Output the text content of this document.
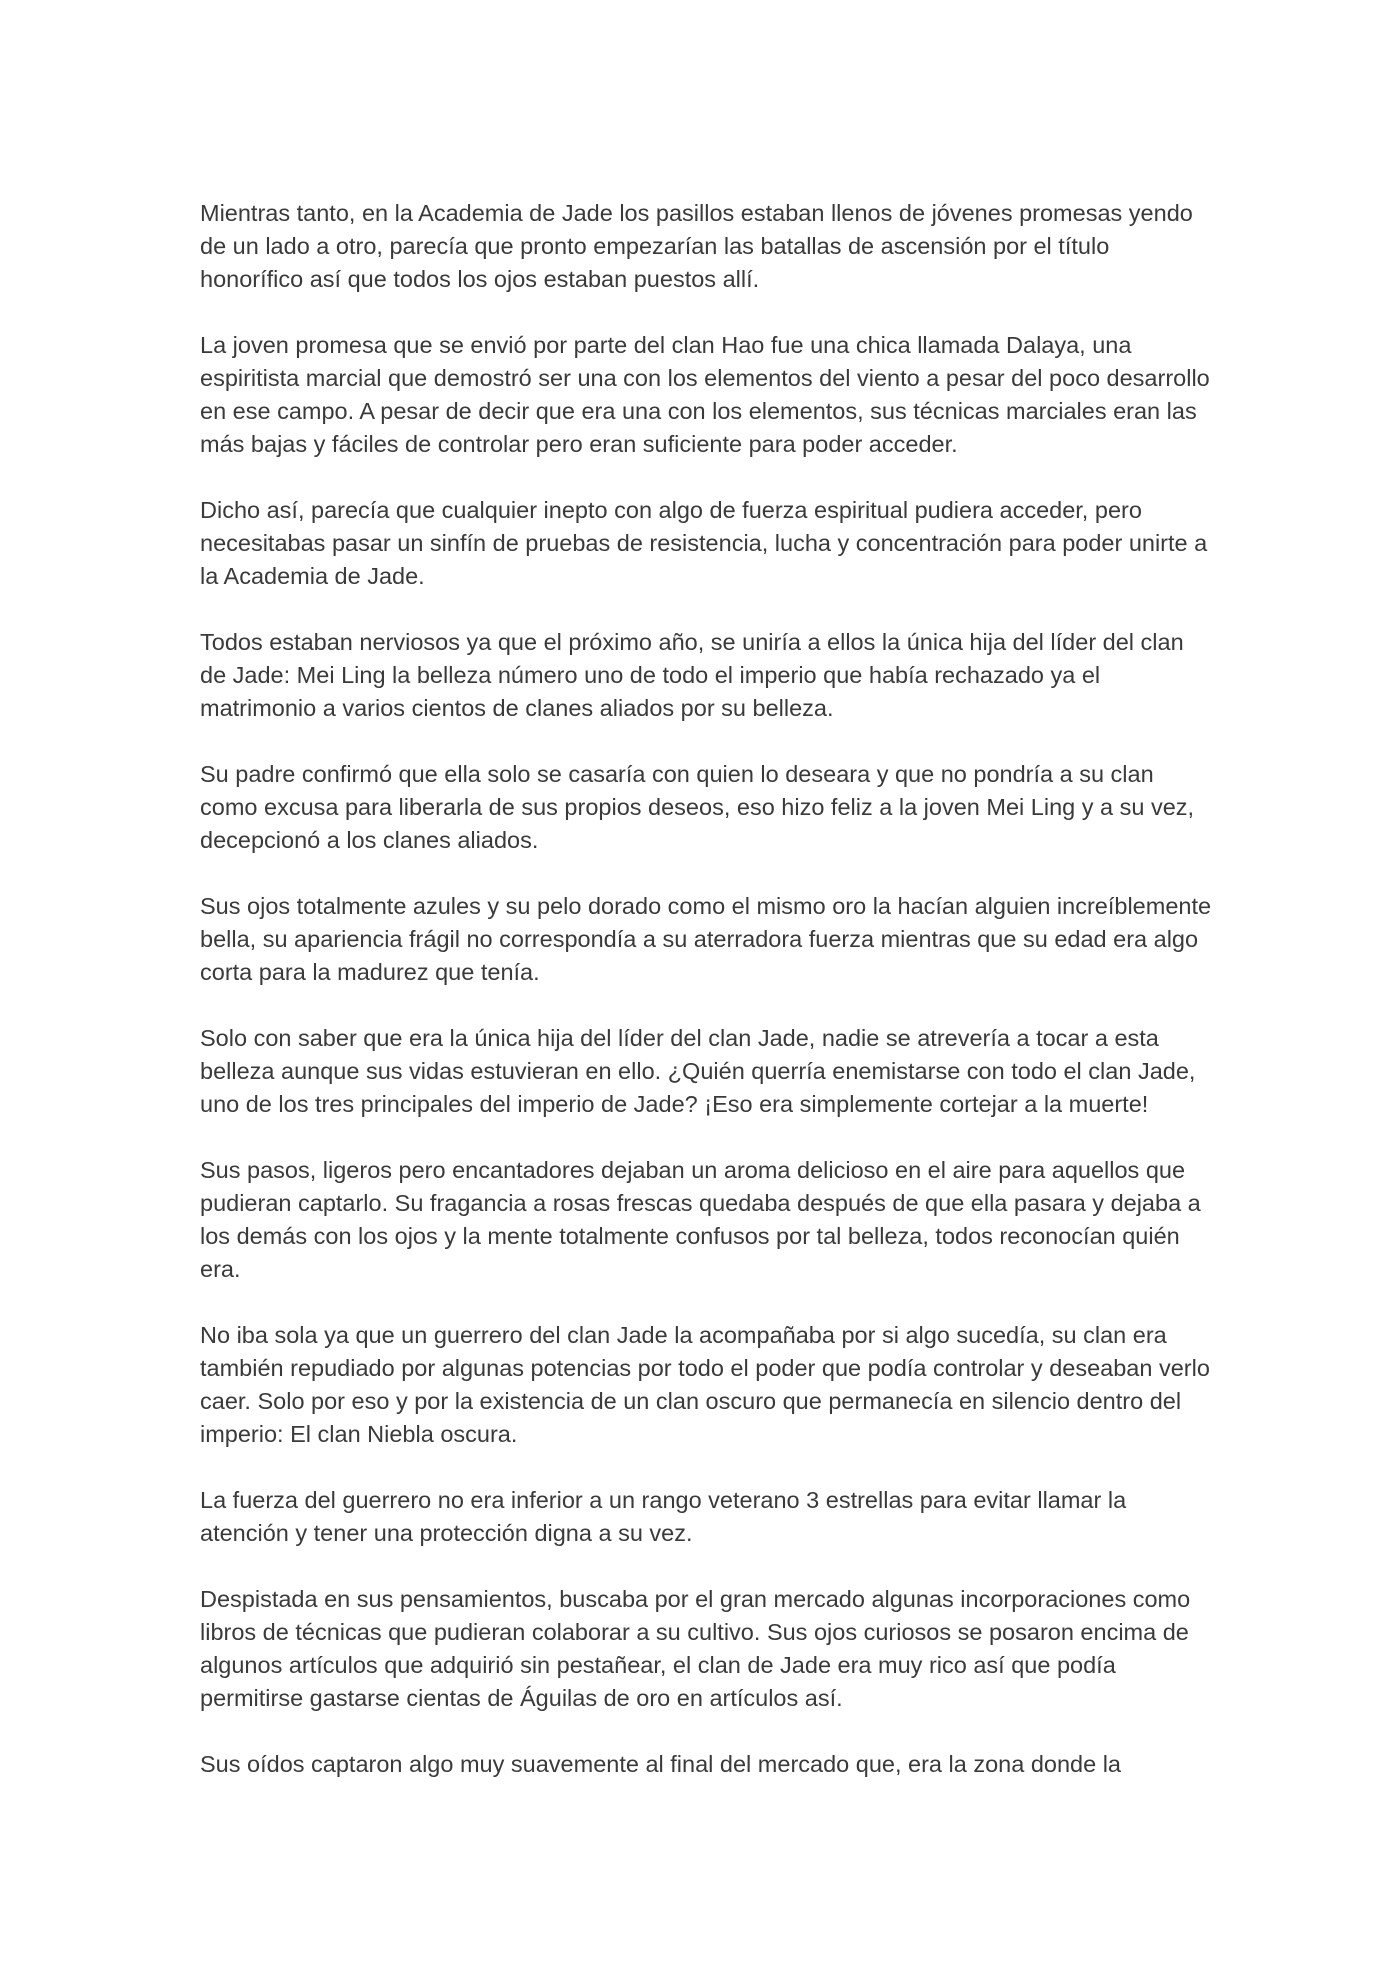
Mientras tanto, en la Academia de Jade los pasillos estaban llenos de jóvenes promesas yendo de un lado a otro, parecía que pronto empezarían las batallas de ascensión por el título honorífico así que todos los ojos estaban puestos allí.

La joven promesa que se envió por parte del clan Hao fue una chica llamada Dalaya, una espiritista marcial que demostró ser una con los elementos del viento a pesar del poco desarrollo en ese campo. A pesar de decir que era una con los elementos, sus técnicas marciales eran las más bajas y fáciles de controlar pero eran suficiente para poder acceder.

Dicho así, parecía que cualquier inepto con algo de fuerza espiritual pudiera acceder, pero necesitabas pasar un sinfín de pruebas de resistencia, lucha y concentración para poder unirte a la Academia de Jade.

Todos estaban nerviosos ya que el próximo año, se uniría a ellos la única hija del líder del clan de Jade: Mei Ling la belleza número uno de todo el imperio que había rechazado ya el matrimonio a varios cientos de clanes aliados por su belleza.

Su padre confirmó que ella solo se casaría con quien lo deseara y que no pondría a su clan como excusa para liberarla de sus propios deseos, eso hizo feliz a la joven Mei Ling y a su vez, decepcionó a los clanes aliados.

Sus ojos totalmente azules y su pelo dorado como el mismo oro la hacían alguien increíblemente bella, su apariencia frágil no correspondía a su aterradora fuerza mientras que su edad era algo corta para la madurez que tenía.

Solo con saber que era la única hija del líder del clan Jade, nadie se atrevería a tocar a esta belleza aunque sus vidas estuvieran en ello. ¿Quién querría enemistarse con todo el clan Jade, uno de los tres principales del imperio de Jade? ¡Eso era simplemente cortejar a la muerte!

Sus pasos, ligeros pero encantadores dejaban un aroma delicioso en el aire para aquellos que pudieran captarlo. Su fragancia a rosas frescas quedaba después de que ella pasara y dejaba a los demás con los ojos y la mente totalmente confusos por tal belleza, todos reconocían quién era.

No iba sola ya que un guerrero del clan Jade la acompañaba por si algo sucedía, su clan era también repudiado por algunas potencias por todo el poder que podía controlar y deseaban verlo caer. Solo por eso y por la existencia de un clan oscuro que permanecía en silencio dentro del imperio: El clan Niebla oscura.

La fuerza del guerrero no era inferior a un rango veterano 3 estrellas para evitar llamar la atención y tener una protección digna a su vez.

Despistada en sus pensamientos, buscaba por el gran mercado algunas incorporaciones como libros de técnicas que pudieran colaborar a su cultivo. Sus ojos curiosos se posaron encima de algunos artículos que adquirió sin pestañear, el clan de Jade era muy rico así que podía permitirse gastarse cientas de Águilas de oro en artículos así.

Sus oídos captaron algo muy suavemente al final del mercado que, era la zona donde la
